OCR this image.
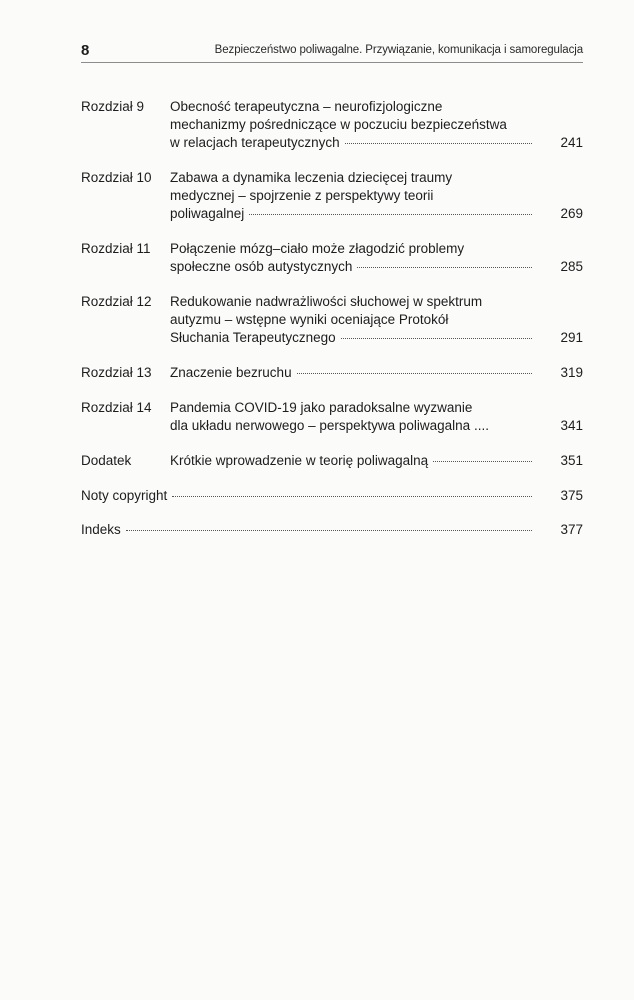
8	Bezpieczeństwo poliwagalne. Przywiązanie, komunikacja i samoregulacja
Rozdział 9 Obecność terapeutyczna – neurofizjologiczne
mechanizmy pośredniczące w poczuciu bezpieczeństwa
w relacjach terapeutycznych	241
Rozdział 10 Zabawa a dynamika leczenia dziecięcej traumy
medycznej – spojrzenie z perspektywy teorii
poliwagalnej	269
Rozdział 11 Połączenie mózg–ciało może złagodzić problemy
społeczne osób autystycznych	285
Rozdział 12 Redukowanie nadwrażliwości słuchowej w spektrum
autyzmu – wstępne wyniki oceniające Protokół
Słuchania Terapeutycznego	291
Rozdział 13 Znaczenie bezruchu	319
Rozdział 14 Pandemia COVID-19 jako paradoksalne wyzwanie
dla układu nerwowego – perspektywa poliwagalna ....	341
Dodatek	Krótkie wprowadzenie w teorię poliwagalną	351
Noty copyright	375
Indeks	377
